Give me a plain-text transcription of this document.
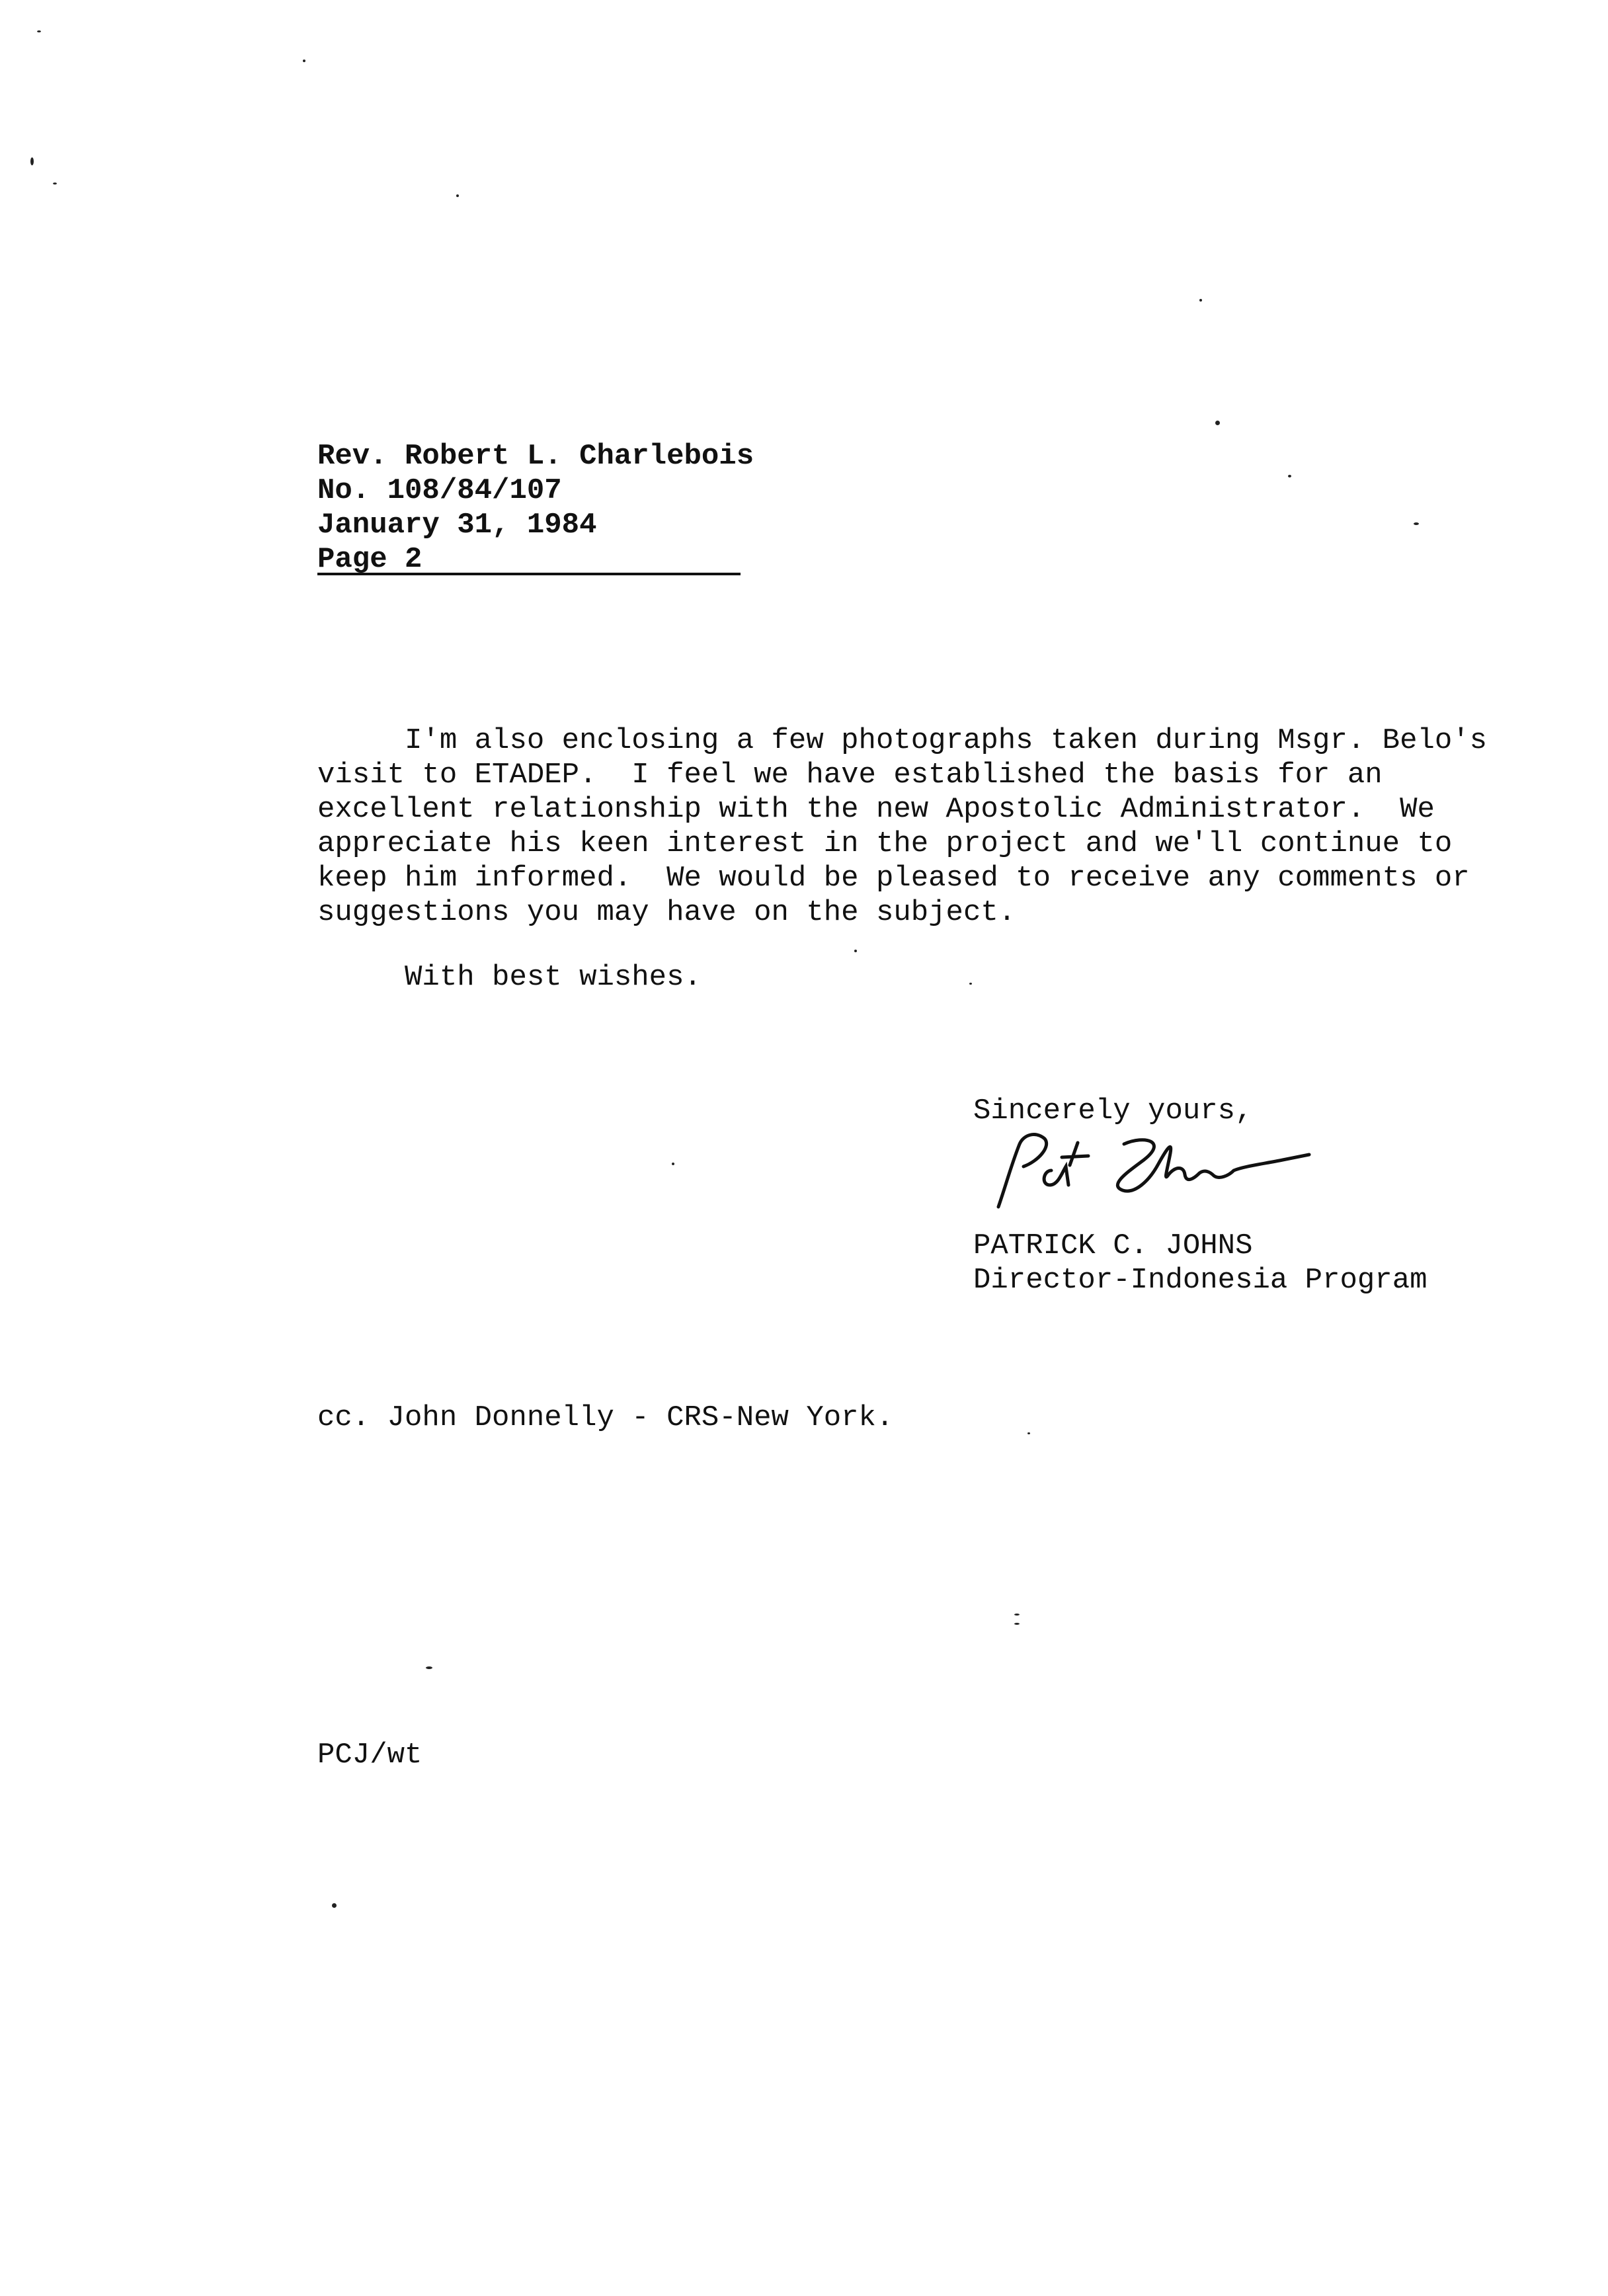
Rev. Robert L. Charlebois
No. 108/84/107
January 31, 1984
Page 2
I'm also enclosing a few photographs taken during Msgr. Belo's
visit to ETADEP.  I feel we have established the basis for an
excellent relationship with the new Apostolic Administrator.  We
appreciate his keen interest in the project and we'll continue to
keep him informed.  We would be pleased to receive any comments or
suggestions you may have on the subject.
With best wishes.
Sincerely yours,
PATRICK C. JOHNS
Director-Indonesia Program
cc. John Donnelly - CRS-New York.
PCJ/wt
